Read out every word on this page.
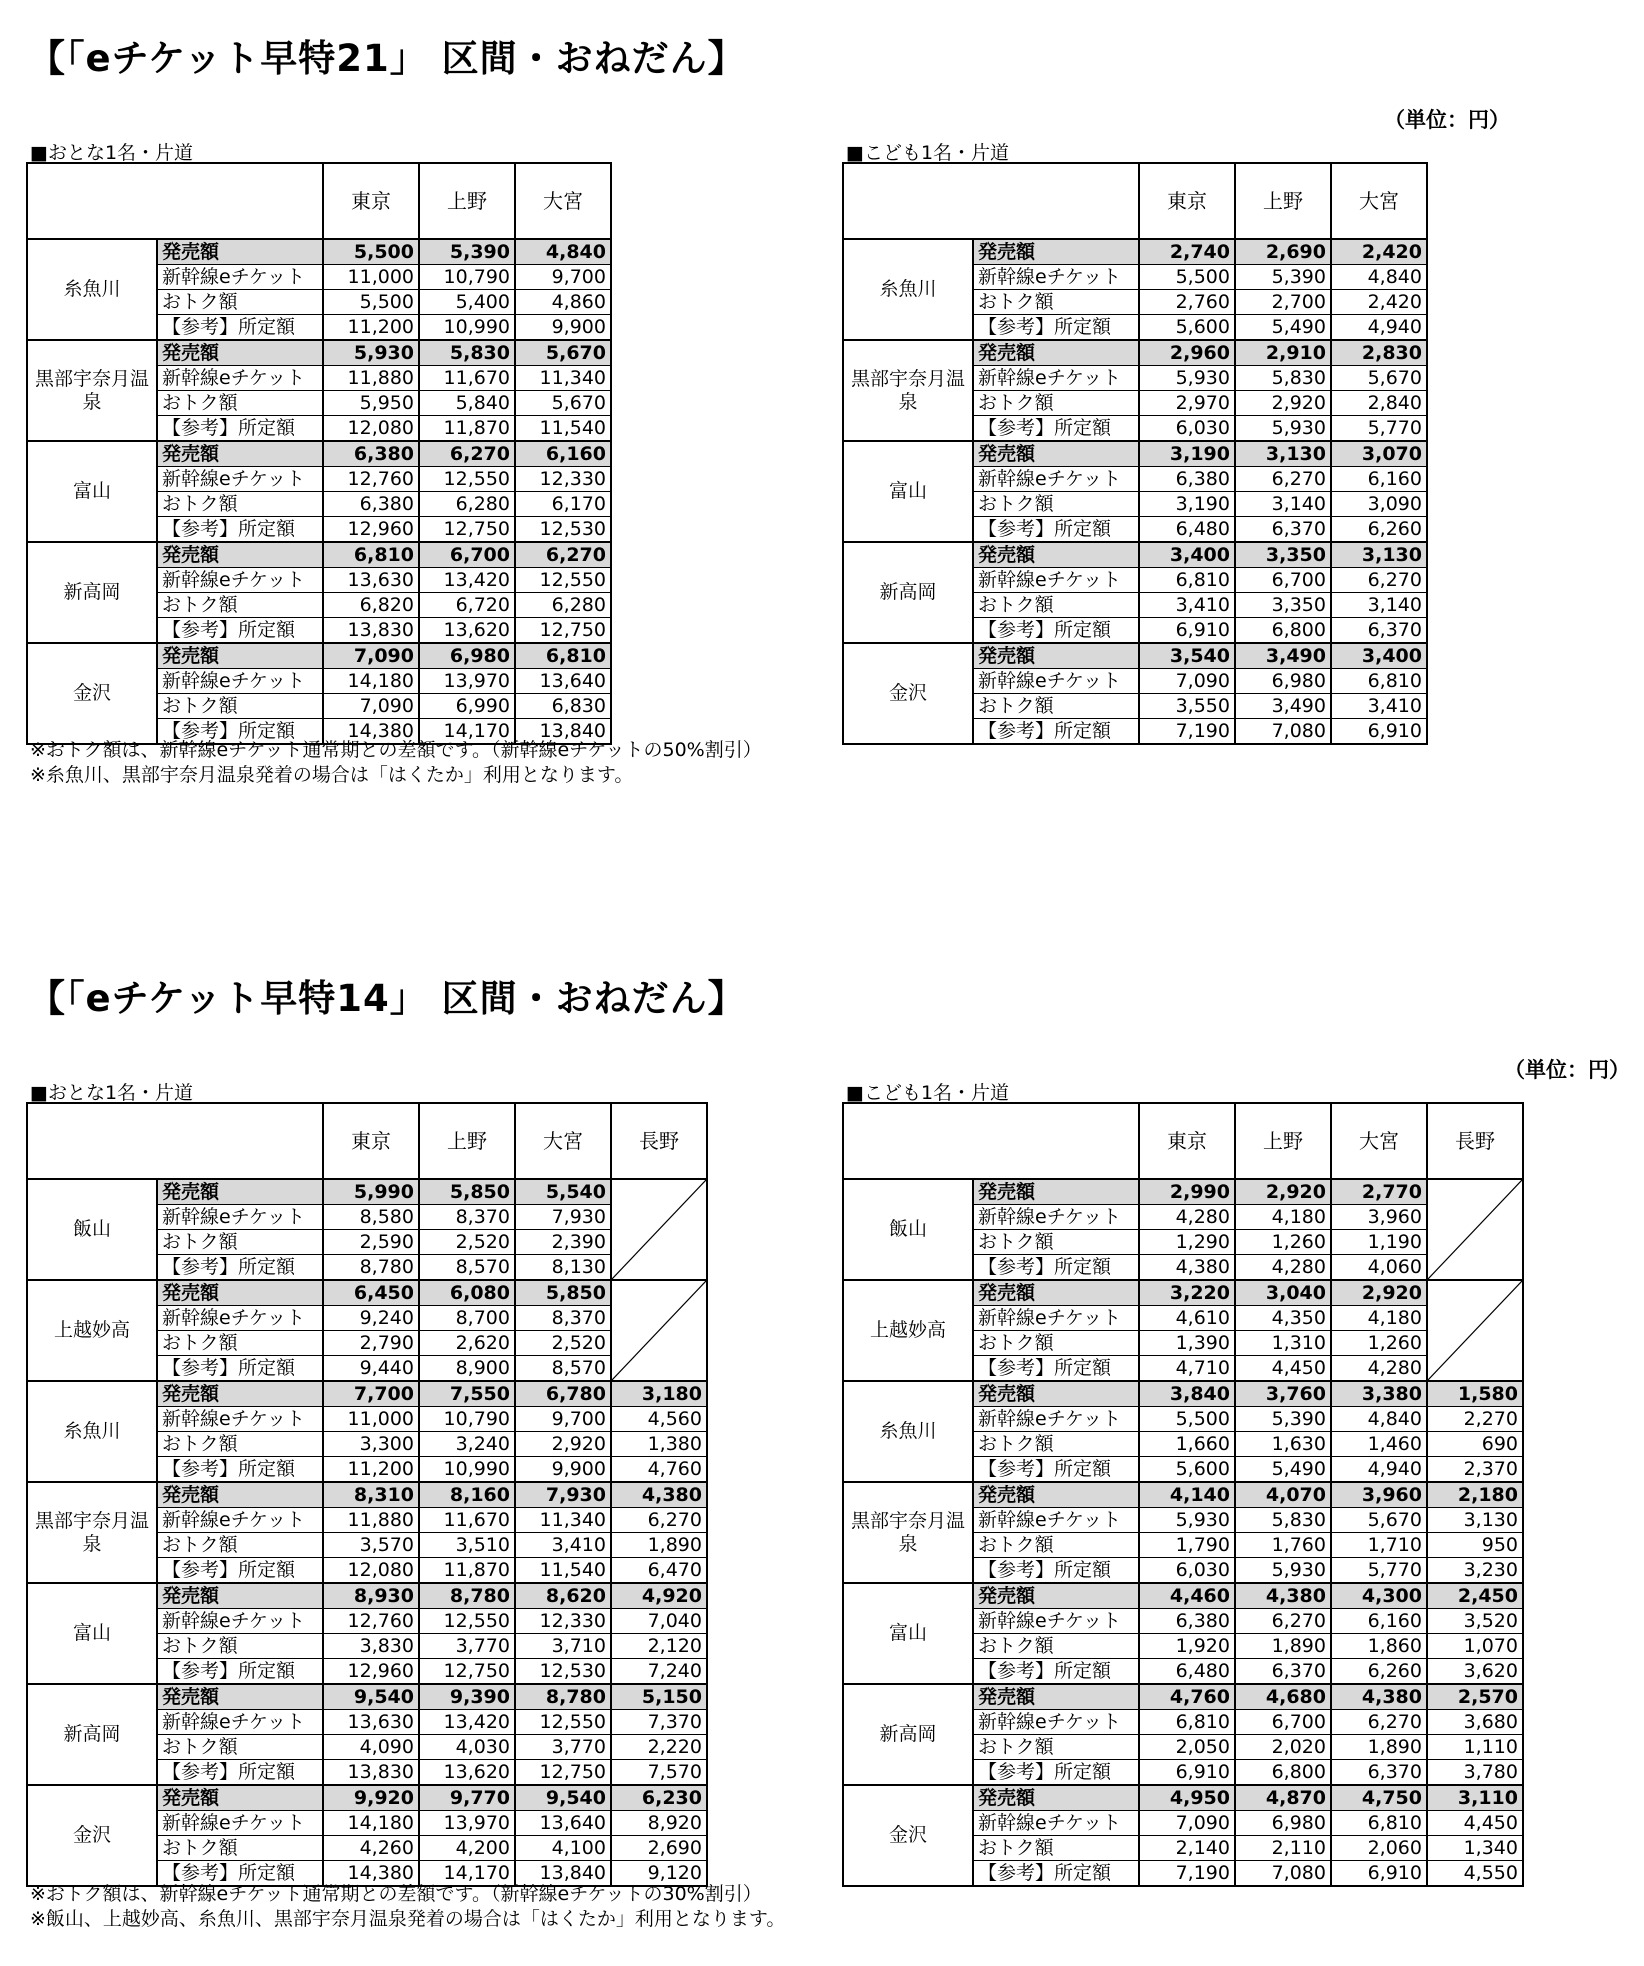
【「eチケット早特21」 区間・おねだん】
（単位：円）
■おとな1名・片道
		東京	上野	大宮
糸魚川	発売額	5,500	5,390	4,840
	新幹線eチケット	11,000	10,790	9,700
	おトク額	5,500	5,400	4,860
	【参考】所定額	11,200	10,990	9,900
黒部宇奈月温泉	発売額	5,930	5,830	5,670
	新幹線eチケット	11,880	11,670	11,340
	おトク額	5,950	5,840	5,670
	【参考】所定額	12,080	11,870	11,540
富山	発売額	6,380	6,270	6,160
	新幹線eチケット	12,760	12,550	12,330
	おトク額	6,380	6,280	6,170
	【参考】所定額	12,960	12,750	12,530
新高岡	発売額	6,810	6,700	6,270
	新幹線eチケット	13,630	13,420	12,550
	おトク額	6,820	6,720	6,280
	【参考】所定額	13,830	13,620	12,750
金沢	発売額	7,090	6,980	6,810
	新幹線eチケット	14,180	13,970	13,640
	おトク額	7,090	6,990	6,830
	【参考】所定額	14,380	14,170	13,840
※おトク額は、新幹線eチケット通常期との差額です。（新幹線eチケットの50%割引）
※糸魚川、黒部宇奈月温泉発着の場合は「はくたか」利用となります。
■こども1名・片道
		東京	上野	大宮
糸魚川	発売額	2,740	2,690	2,420
	新幹線eチケット	5,500	5,390	4,840
	おトク額	2,760	2,700	2,420
	【参考】所定額	5,600	5,490	4,940
黒部宇奈月温泉	発売額	2,960	2,910	2,830
	新幹線eチケット	5,930	5,830	5,670
	おトク額	2,970	2,920	2,840
	【参考】所定額	6,030	5,930	5,770
富山	発売額	3,190	3,130	3,070
	新幹線eチケット	6,380	6,270	6,160
	おトク額	3,190	3,140	3,090
	【参考】所定額	6,480	6,370	6,260
新高岡	発売額	3,400	3,350	3,130
	新幹線eチケット	6,810	6,700	6,270
	おトク額	3,410	3,350	3,140
	【参考】所定額	6,910	6,800	6,370
金沢	発売額	3,540	3,490	3,400
	新幹線eチケット	7,090	6,980	6,810
	おトク額	3,550	3,490	3,410
	【参考】所定額	7,190	7,080	6,910
【「eチケット早特14」 区間・おねだん】
（単位：円）
■おとな1名・片道
		東京	上野	大宮	長野
飯山	発売額	5,990	5,850	5,540	

	新幹線eチケット	8,580	8,370	7,930	
	おトク額	2,590	2,520	2,390	
	【参考】所定額	8,780	8,570	8,130	
上越妙高	発売額	6,450	6,080	5,850	

	新幹線eチケット	9,240	8,700	8,370	
	おトク額	2,790	2,620	2,520	
	【参考】所定額	9,440	8,900	8,570	
糸魚川	発売額	7,700	7,550	6,780	3,180
	新幹線eチケット	11,000	10,790	9,700	4,560
	おトク額	3,300	3,240	2,920	1,380
	【参考】所定額	11,200	10,990	9,900	4,760
黒部宇奈月温泉	発売額	8,310	8,160	7,930	4,380
	新幹線eチケット	11,880	11,670	11,340	6,270
	おトク額	3,570	3,510	3,410	1,890
	【参考】所定額	12,080	11,870	11,540	6,470
富山	発売額	8,930	8,780	8,620	4,920
	新幹線eチケット	12,760	12,550	12,330	7,040
	おトク額	3,830	3,770	3,710	2,120
	【参考】所定額	12,960	12,750	12,530	7,240
新高岡	発売額	9,540	9,390	8,780	5,150
	新幹線eチケット	13,630	13,420	12,550	7,370
	おトク額	4,090	4,030	3,770	2,220
	【参考】所定額	13,830	13,620	12,750	7,570
金沢	発売額	9,920	9,770	9,540	6,230
	新幹線eチケット	14,180	13,970	13,640	8,920
	おトク額	4,260	4,200	4,100	2,690
	【参考】所定額	14,380	14,170	13,840	9,120
※おトク額は、新幹線eチケット通常期との差額です。（新幹線eチケットの30%割引）
※飯山、上越妙高、糸魚川、黒部宇奈月温泉発着の場合は「はくたか」利用となります。
■こども1名・片道
		東京	上野	大宮	長野
飯山	発売額	2,990	2,920	2,770	

	新幹線eチケット	4,280	4,180	3,960	
	おトク額	1,290	1,260	1,190	
	【参考】所定額	4,380	4,280	4,060	
上越妙高	発売額	3,220	3,040	2,920	

	新幹線eチケット	4,610	4,350	4,180	
	おトク額	1,390	1,310	1,260	
	【参考】所定額	4,710	4,450	4,280	
糸魚川	発売額	3,840	3,760	3,380	1,580
	新幹線eチケット	5,500	5,390	4,840	2,270
	おトク額	1,660	1,630	1,460	690
	【参考】所定額	5,600	5,490	4,940	2,370
黒部宇奈月温泉	発売額	4,140	4,070	3,960	2,180
	新幹線eチケット	5,930	5,830	5,670	3,130
	おトク額	1,790	1,760	1,710	950
	【参考】所定額	6,030	5,930	5,770	3,230
富山	発売額	4,460	4,380	4,300	2,450
	新幹線eチケット	6,380	6,270	6,160	3,520
	おトク額	1,920	1,890	1,860	1,070
	【参考】所定額	6,480	6,370	6,260	3,620
新高岡	発売額	4,760	4,680	4,380	2,570
	新幹線eチケット	6,810	6,700	6,270	3,680
	おトク額	2,050	2,020	1,890	1,110
	【参考】所定額	6,910	6,800	6,370	3,780
金沢	発売額	4,950	4,870	4,750	3,110
	新幹線eチケット	7,090	6,980	6,810	4,450
	おトク額	2,140	2,110	2,060	1,340
	【参考】所定額	7,190	7,080	6,910	4,550
